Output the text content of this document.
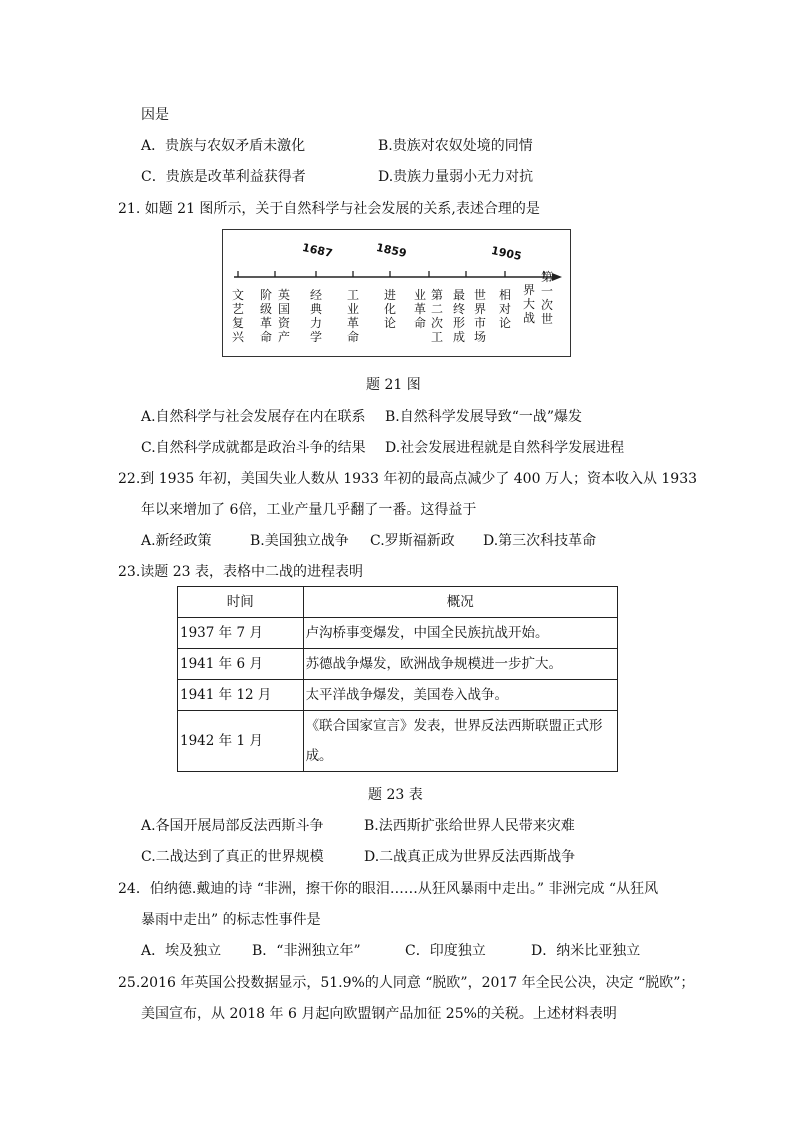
因是
A．贵族与农奴矛盾未激化	B.贵族对农奴处境的同情
C．贵族是改革利益获得者	D.贵族力量弱小无力对抗
21. 如题 21 图所示，关于自然科学与社会发展的关系,表述合理的是
1687	1859	1905
文艺复兴
阶级革命
英国资产
经典力学
工业革命
进化论
业革命
第二次工
最终形成
世界市场
相对论
界大战
第一次世
题 21 图
A.自然科学与社会发展存在内在联系 B.自然科学发展导致“一战”爆发
C.自然科学成就都是政治斗争的结果 D.社会发展进程就是自然科学发展进程
22.到 1935 年初，美国失业人数从 1933 年初的最高点减少了 400 万人；资本收入从 1933
年以来增加了 6倍，工业产量几乎翻了一番。这得益于
A.新经政策	B.美国独立战争 C.罗斯福新政 D.第三次科技革命
23.读题 23 表，表格中二战的进程表明
时间	概况
1937 年 7 月	卢沟桥事变爆发，中国全民族抗战开始。
1941 年 6 月	苏德战争爆发，欧洲战争规模进一步扩大。
1941 年 12 月	太平洋战争爆发，美国卷入战争。
1942 年 1 月	《联合国家宣言》发表，世界反法西斯联盟正式形成。
题 23 表
A.各国开展局部反法西斯斗争	B.法西斯扩张给世界人民带来灾难
C.二战达到了真正的世界规模	D.二战真正成为世界反法西斯战争
24．伯纳德.戴迪的诗 “非洲，擦干你的眼泪……从狂风暴雨中走出。” 非洲完成 “从狂风
暴雨中走出” 的标志性事件是
A．埃及独立 B．“非洲独立年”	C．印度独立	D．纳米比亚独立
25.2016 年英国公投数据显示，51.9%的人同意 “脱欧”，2017 年全民公决，决定 “脱欧”；
美国宣布，从 2018 年 6 月起向欧盟钢产品加征 25%的关税。上述材料表明
